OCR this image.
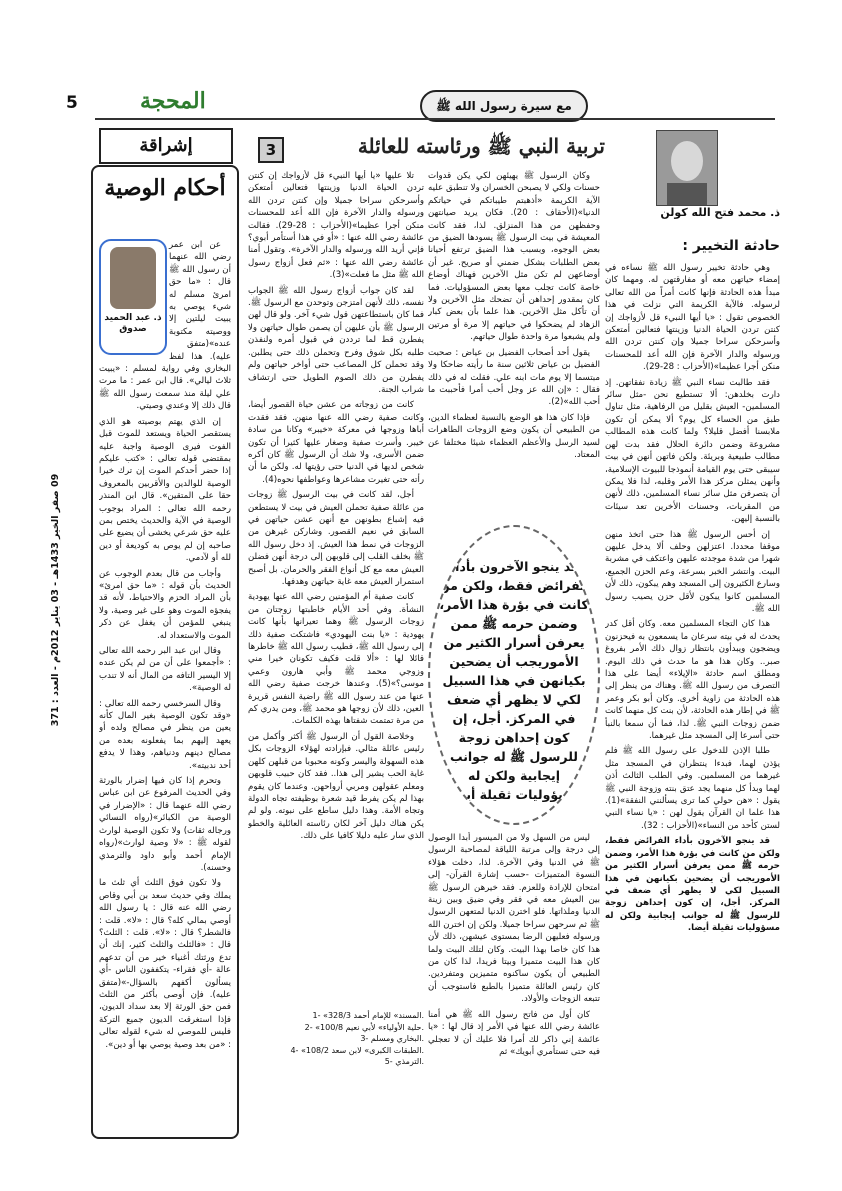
5	المحجة	مع سيرة رسول الله ﷺ
09 صفر الخير 1433هـ - 03 يناير 2012م - العدد : 371
تربية النبي ﷺ ورئاسته للعائلة
3
ذ. محمد فتح الله كولن
حادثة التخيير :

وهي حادثة تخيير رسول الله ﷺ نساءه في إمضاء حياتهن معه أو مفارقتهن له. ومهما كان مبدأ هذه الحادثة فإنها كانت أمراً من الله تعالى لرسوله. فالآية الكريمة التي نزلت في هذا الخصوص تقول : «يا أيها النبيء قل لأزواجك إن كنتن تردن الحياة الدنيا وزينتها فتعالين أمتعكن وأسرحكن سراحا جميلا وإن كنتن تردن الله ورسوله والدار الآخرة فإن الله أعد للمحسنات منكن أجرا عظيما»(الأحزاب : 28-29).

فقد طالبت نساء النبي ﷺ زيادة نفقاتهن. إذ دارت بخلدهن: ألا تستطيع نحن -مثل سائر المسلمين- العيش بقليل من الرفاهية، مثل تناول طبق من الحساء كل يوم؟ ألا يمكن أن تكون ملابسنا أفضل قليلا؟ ولما كانت هذه المطالب مشروعة وضمن دائرة الحلال فقد بدت لهن مطالب طبيعية وبريئة. ولكن فاتهن أنهن في بيت سيبقى حتى يوم القيامة أنموذجا للبيوت الإسلامية، وأنهن يمثلن مركز هذا الأمر وقلبه، لذا فلا يمكن أن يتصرفن مثل سائر نساء المسلمين، ذلك لأنهن من المقربات، وحسنات الأخرين تعد سيئات بالنسبة إليهن.

إن أحس الرسول ﷺ هذا حتى اتخذ منهن موقفا محددا. اعتزلهن وحلف ألا يدخل عليهن شهرا من شدة موجدته عليهن واعتكف في مشربة البيت. وانتشر الخبر بسرعة، وعم الحزن الجميع، وسارع الكثيرون إلى المسجد وهم يبكون، ذلك لأن المسلمين كانوا يبكون لأقل حزن يصيب رسول الله ﷺ.

هذا كان التجاء المسلمين معه. وكان أقل كدر يحدث له في بيته سرعان ما يسمعون به فيحزنون ويضجون ويبدأون بانتظار زوال ذلك الأمر بفروغ صبر.. وكان هذا هو ما حدث في ذلك اليوم. ومطلق اسم حادثة «الإيلاء» أيضا على هذا التصرف من رسول الله ﷺ. وهناك من ينظر إلى هذه الحادثة من زاوية أخرى. وكان أبو بكر وعمر ﷺ في إطار هذه الحادثة، لأن بنت كل منهما كانت ضمن زوجات النبي ﷺ. لذا، فما أن سمعا بالنبأ حتى أسرعا إلى المسجد مثل غيرهما.

طلبا الإذن للدخول على رسول الله ﷺ فلم يؤذن لهما، فبدءا ينتظران في المسجد مثل غيرهما من المسلمين. وفي الطلب الثالث أذن لهما وبدأ كل منهما يجد عتق بنته وزوجة النبي ﷺ يقول : «هن حولي كما ترى يسألنني النفقة»(1). هذا علما ان القرآن يقول لهن : «يا نساء النبي لستن كأحد من النساء»(الأحزاب : 32).

قد ينجو الآخرون بأداء الفرائض فقط، ولكن من كانت في بؤرة هذا الأمر، وضمن حرمه ﷺ ممن يعرفن أسرار الكثير من الأموريجب أن يضحين بكيانهن في هذا السبيل لكي لا يظهر أي ضعف في المركز. أجل، إن كون إحداهن زوجة للرسول ﷺ له جوانب إيجابية ولكن له مسؤوليات ثقيلة أيضا.

وكان الرسول ﷺ يهيئهن لكي يكن قدوات حسنات ولكي لا يصبحن الخسران ولا تنطبق عليه الآية الكريمة «أذهبتم طيباتكم في حياتكم الدنيا»(الأحقاف : 20). فكان يريد صيانتهن وحفظهن من هذا المنزلق. لذا، فقد كانت المعيشة في بيت الرسول ﷺ يسودها الضيق من بعض الوجوه، وبسبب هذا الضيق ترتفع أحيانا بعض الطلبات بشكل ضمني أو صريح. غير أن أوضاعهن لم تكن مثل الآخرين فهناك أوضاع خاصة كانت تجلب معها بعض المسؤوليات. فما كان بمقدور إحداهن أن تضحك مثل الآخرين ولا أن تأكل مثل الآخرين. هذا علما بأن بعض كبار الزهاد لم يضحكوا في حياتهم إلا مرة أو مرتين ولم يشبعوا مرة واحدة طوال حياتهم.

يقول أحد أصحاب الفضيل بن عياض : صحبت الفضيل بن عياض ثلاثين سنة ما رأيته ضاحكا ولا مبتسما إلا يوم مات ابنه علي. فقلت له في ذلك فقال : «إن الله عز وجل أحب أمرا فأحببت ما أحب الله»(2).

فإذا كان هذا هو الوضع بالنسبة لعظماء الدين، من الطبيعي أن يكون وضع الزوجات الطاهرات لسيد الرسل والأعظم العظماء شيئا مختلفا عن المعتاد.

قد ينجو الآخرون بأداء الفرائض فقط، ولكن من كانت في بؤرة هذا الأمر، وضمن حرمه ﷺ ممن يعرفن أسرار الكثير من الأموريجب أن يضحين بكيانهن في هذا السبيل لكي لا يظهر أي ضعف في المركز. أجل، إن كون إحداهن زوجة للرسول ﷺ له جوانب إيجابية ولكن له مسؤوليات ثقيلة أيضا

ليس من السهل ولا من الميسور أبدا الوصول إلى درجة وإلى مرتبة اللياقة لمصاحبة الرسول ﷺ في الدنيا وفي الآخرة. لذا، دخلت هؤلاء النسوة المتميزات -حسب إشارة القرآن- إلى امتحان للإرادة وللعزم. فقد خيرهن الرسول ﷺ بين العيش معه في فقر وفي ضيق وبين زينة الدنيا وملذاتها. فلو اخترن الدنيا لمتعهن الرسول ﷺ ثم سرحهن سراحا جميلا. ولكن إن اخترن الله ورسوله فعليهن الرضا بمستوى عيشهن، ذلك لأن هذا كان خاصا بهذا البيت. وكان لتلك البيت ولما كان هذا البيت متميزا وبيتا فريدا، لذا كان من الطبيعي أن يكون ساكنوه متميزين ومتفردين. كان رئيس العائلة متميزا بالطبع فاستوجب أن تتبعه الزوجات والأولاد.

كان أول من فاتح رسول الله ﷺ هي أمنا عائشة رضي الله عنها في الأمر إذ قال لها : «يا عائشة إني ذاكر لك أمرا فلا عليك أن لا تعجلي فيه حتى تستأمري أبويك» ثم

تلا عليها «يا أيها النبيء قل لأزواجك إن كنتن تردن الحياة الدنيا وزينتها فتعالين أمتعكن وأسرحكن سراحا جميلا وإن كنتن تردن الله ورسوله والدار الآخرة فإن الله أعد للمحسنات منكن أجرا عظيما»(الأحزاب : 28-29). فقالت عائشة رضي الله عنها : «أو في هذا أستأمر أبوي؟ فإني أريد الله ورسوله والدار الآخرة». وتقول أمنا عائشة رضي الله عنها : «ثم فعل أزواج رسول الله ﷺ مثل ما فعلت»(3).

لقد كان جواب أزواج رسول الله ﷺ الجواب نفسه، ذلك لأنهن امتزجن وتوحدن مع الرسول ﷺ. فما كان باستطاعتهن قول شيء آخر. ولو قال لهن الرسول ﷺ بأن عليهن أن يصمن طوال حياتهن ولا يفطرن قط لما ترددن في قبول أمره ولنفذن طلبه بكل شوق وفرح وتحملن ذلك حتى يطلبن. وقد تحملن كل المصاعب حتى أواخر حياتهن ولم يفطرن من ذلك الصوم الطويل حتى ارتشاف شراب الجنة.

كانت من زوجاته من عشن حياة القصور أيضا، وكانت صفية رضي الله عنها منهن. فقد فقدت أباها وزوجها في معركة «خيبر» وكانا من سادة خيبر. وأسرت صفية وصغار عليها كثيرا أن تكون ضمن الأسرى، ولا شك أن الرسول ﷺ كان أكره شخص لديها في الدنيا حتى رؤيتها له. ولكن ما أن رأته حتى تغيرت مشاعرها وعواطفها نحوه(4).

أجل، لقد كانت في بيت الرسول ﷺ زوجات من عائلة صفية تحملن العيش في بيت لا يستطعن فيه إشباع بطونهن مع أنهن عشن حياتهن في السابق في نعيم القصور. وشاركن غيرهن من الزوجات في نمط هذا العيش. إذ دخل رسول الله ﷺ بخلف القلب إلى قلوبهن إلى درجة أنهن فضلن العيش معه مع كل أنواع الفقر والحرمان. بل أصبح استمرار العيش معه غاية حياتهن وهدفها.

كانت صفية أم المؤمنين رضي الله عنها يهودية النشأة. وفي أحد الأيام خاطبتها زوجتان من زوجات الرسول ﷺ وهما تعيرانها بأنها كانت يهودية : «يا بنت اليهودي» فاشتكت صفية ذلك إلى رسول الله ﷺ، فطيب رسول الله ﷺ خاطرها قائلا لها : «ألا قلت فكيف تكونان خيرا مني وزوجي محمد ﷺ وأبي هارون وعمي موسى؟»(5). وعندها خرجت صفية رضي الله عنها من عند رسول الله ﷺ راضية النفس قريرة العين، ذلك لأن زوجها هو محمد ﷺ، ومن يدري كم من مرة تمتمت شفتاها بهذه الكلمات.

وخلاصة القول أن الرسول ﷺ أكثر وأكمل من رئيس عائلة مثالي. فبإرادته لهؤلاء الزوجات بكل هذه السهولة واليسر وكونه محبوبا من قبلهن كلهن غاية الحب يشير إلى هذا.. فقد كان حبيب قلوبهن ومعلم عقولهن ومربي أرواحهن. وعندما كان يقوم بهذا لم يكن يفرط قيد شعرة بوظيفته تجاه الدولة وتجاه الأمة. وهذا دليل ساطع على نبوته. ولو لم يكن هناك دليل آخر لكان رئاسته العائلية والخطو الذي سار عليه دليلا كافيا على ذلك.

1- «المسند» للإمام أحمد 328/3.
2- «حلية الأولياء» لأبي نعيم 100/8.
3- البخاري ومسلم.
4- «الطبقات الكبرى» لابن سعد 108/2.
5- الترمذي.
إشراقة
أحكام الوصية
ذ. عبد الحميد صدوق

عن ابن عمر رضي الله عنهما أن رسول الله ﷺ قال : «ما حق امرئ مسلم له شيء يوصي به يبيت ليلتين إلا ووصيته مكتوبة عنده»(متفق عليه). هذا لفظ البخاري وفي رواية لمسلم : «يبيت ثلاث ليالي». قال ابن عمر : ما مرت علي ليلة منذ سمعت رسول الله ﷺ قال ذلك إلا وعندي وصيتي.

إن الذي يهتم بوصيته هو الذي يستقصر الحياة ويستعد للموت قبل الفوت فيرى الوصية واجبة عليه بمقتضى قوله تعالى : «كتب عليكم إذا حضر أحدكم الموت إن ترك خيرا الوصية للوالدين والأقربين بالمعروف حقا على المتقين». قال ابن المنذر رحمه الله تعالى : المراد بوجوب الوصية في الآية والحديث يختص بمن عليه حق شرعي يخشى أن يضيع على صاحبه إن لم يوص به كوديعة أو دين لله أو لآدمي.

وأجاب من قال بعدم الوجوب عن الحديث بأن قوله : «ما حق امرئ» بأن المراد الحزم والاحتياط، لأنه قد يفجؤه الموت وهو على غير وصية، ولا ينبغي للمؤمن أن يغفل عن ذكر الموت والاستعداد له.

وقال ابن عبد البر رحمه الله تعالى : «أجمعوا على أن من لم يكن عنده إلا اليسير التافه من المال أنه لا تندب له الوصية».

وقال السرخسي رحمه الله تعالى : «وقد تكون الوصية بغير المال كأنه يعين من ينظر في مصالح ولده أو يعهد إليهم بما يفعلونه بعده من مصالح دينهم ودنياهم، وهذا لا يدفع أحد ندبيته».

وتحرم إذا كان فيها إضرار بالورثة وفي الحديث المرفوع عن ابن عباس رضي الله عنهما قال : «الإضرار في الوصية من الكبائر»(رواه النسائي ورجاله ثقات) ولا تكون الوصية لوارث لقوله ﷺ : «لا وصية لوارث»(رواه الإمام أحمد وأبو داود والترمذي وحسنه).

ولا تكون فوق الثلث أي ثلث ما يملك وفي حديث سعد بن أبي وقاص رضي الله عنه قال : يا رسول الله أوصي بمالي كله؟ قال : «لا». قلت : فالشطر؟ قال : «لا». قلت : الثلث؟ قال : «فالثلث والثلث كثير، إنك أن تدع ورثتك أغنياء خير من أن تدعهم عالة -أي فقراء- يتكففون الناس -أي يسألون أكفهم بالسؤال-»(متفق عليه). فإن أوصى بأكثر من الثلث فمن حق الورثة إلا بعد سداد الديون، فإذا استغرقت الديون جميع التركة فليس للموصي له شيء لقوله تعالى : «من بعد وصية يوصي بها أو دين».
